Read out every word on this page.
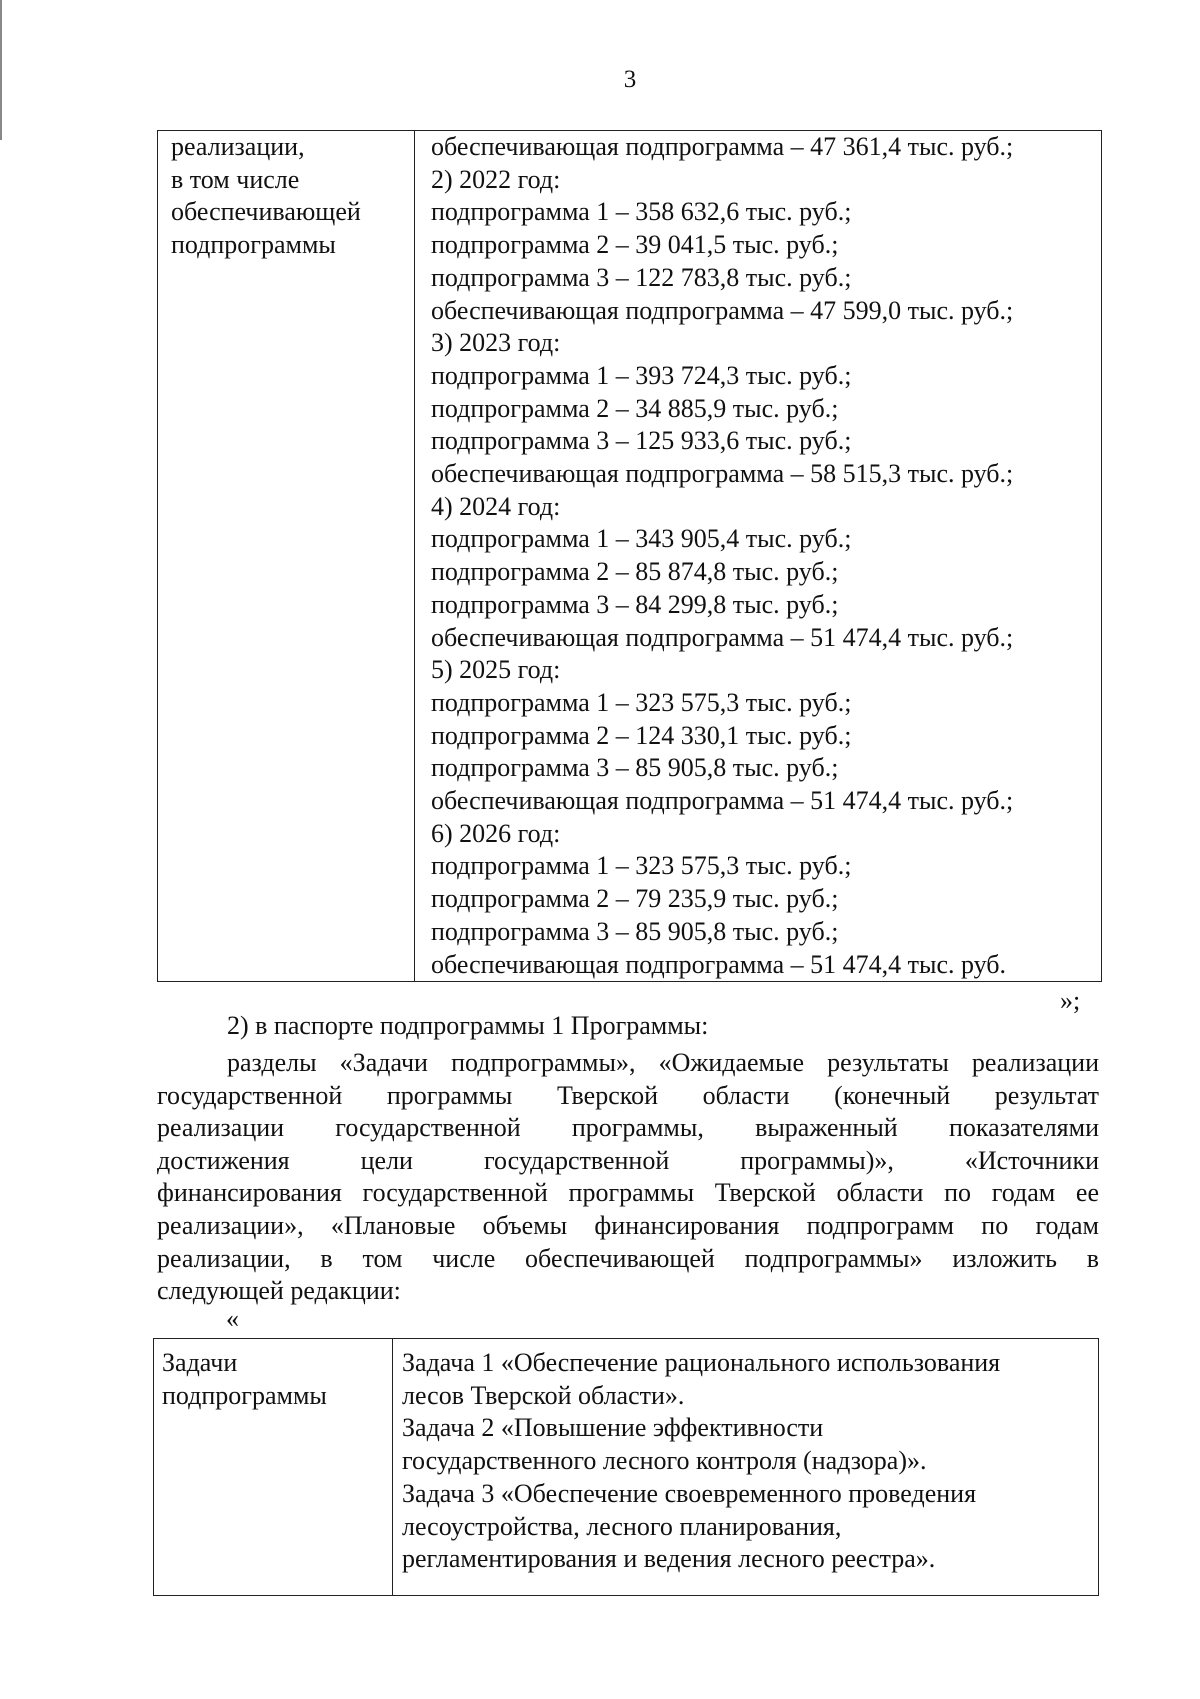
3
реализации,
в том числе
обеспечивающей
подпрограммы

обеспечивающая подпрограмма – 47 361,4 тыс. руб.;
2) 2022 год:
подпрограмма 1 – 358 632,6 тыс. руб.;
подпрограмма 2 – 39 041,5 тыс. руб.;
подпрограмма 3 – 122 783,8 тыс. руб.;
обеспечивающая подпрограмма – 47 599,0 тыс. руб.;
3) 2023 год:
подпрограмма 1 – 393 724,3 тыс. руб.;
подпрограмма 2 – 34 885,9 тыс. руб.;
подпрограмма 3 – 125 933,6 тыс. руб.;
обеспечивающая подпрограмма – 58 515,3 тыс. руб.;
4) 2024 год:
подпрограмма 1 – 343 905,4 тыс. руб.;
подпрограмма 2 – 85 874,8 тыс. руб.;
подпрограмма 3 – 84 299,8 тыс. руб.;
обеспечивающая подпрограмма – 51 474,4 тыс. руб.;
5) 2025 год:
подпрограмма 1 – 323 575,3 тыс. руб.;
подпрограмма 2 – 124 330,1 тыс. руб.;
подпрограмма 3 – 85 905,8 тыс. руб.;
обеспечивающая подпрограмма – 51 474,4 тыс. руб.;
6) 2026 год:
подпрограмма 1 – 323 575,3 тыс. руб.;
подпрограмма 2 – 79 235,9 тыс. руб.;
подпрограмма 3 – 85 905,8 тыс. руб.;
обеспечивающая подпрограмма – 51 474,4 тыс. руб.
»;
2) в паспорте подпрограммы 1 Программы:
разделы «Задачи подпрограммы», «Ожидаемые результаты реализации
государственной программы Тверской области (конечный результат
реализации государственной программы, выраженный показателями
достижения цели государственной программы)», «Источники
финансирования государственной программы Тверской области по годам ее
реализации», «Плановые объемы финансирования подпрограмм по годам
реализации, в том числе обеспечивающей подпрограммы» изложить в
следующей редакции:
«
Задачи
подпрограммы

Задача 1 «Обеспечение рационального использования
лесов Тверской области».
Задача 2 «Повышение эффективности
государственного лесного контроля (надзора)».
Задача 3 «Обеспечение своевременного проведения
лесоустройства, лесного планирования,
регламентирования и ведения лесного реестра».
